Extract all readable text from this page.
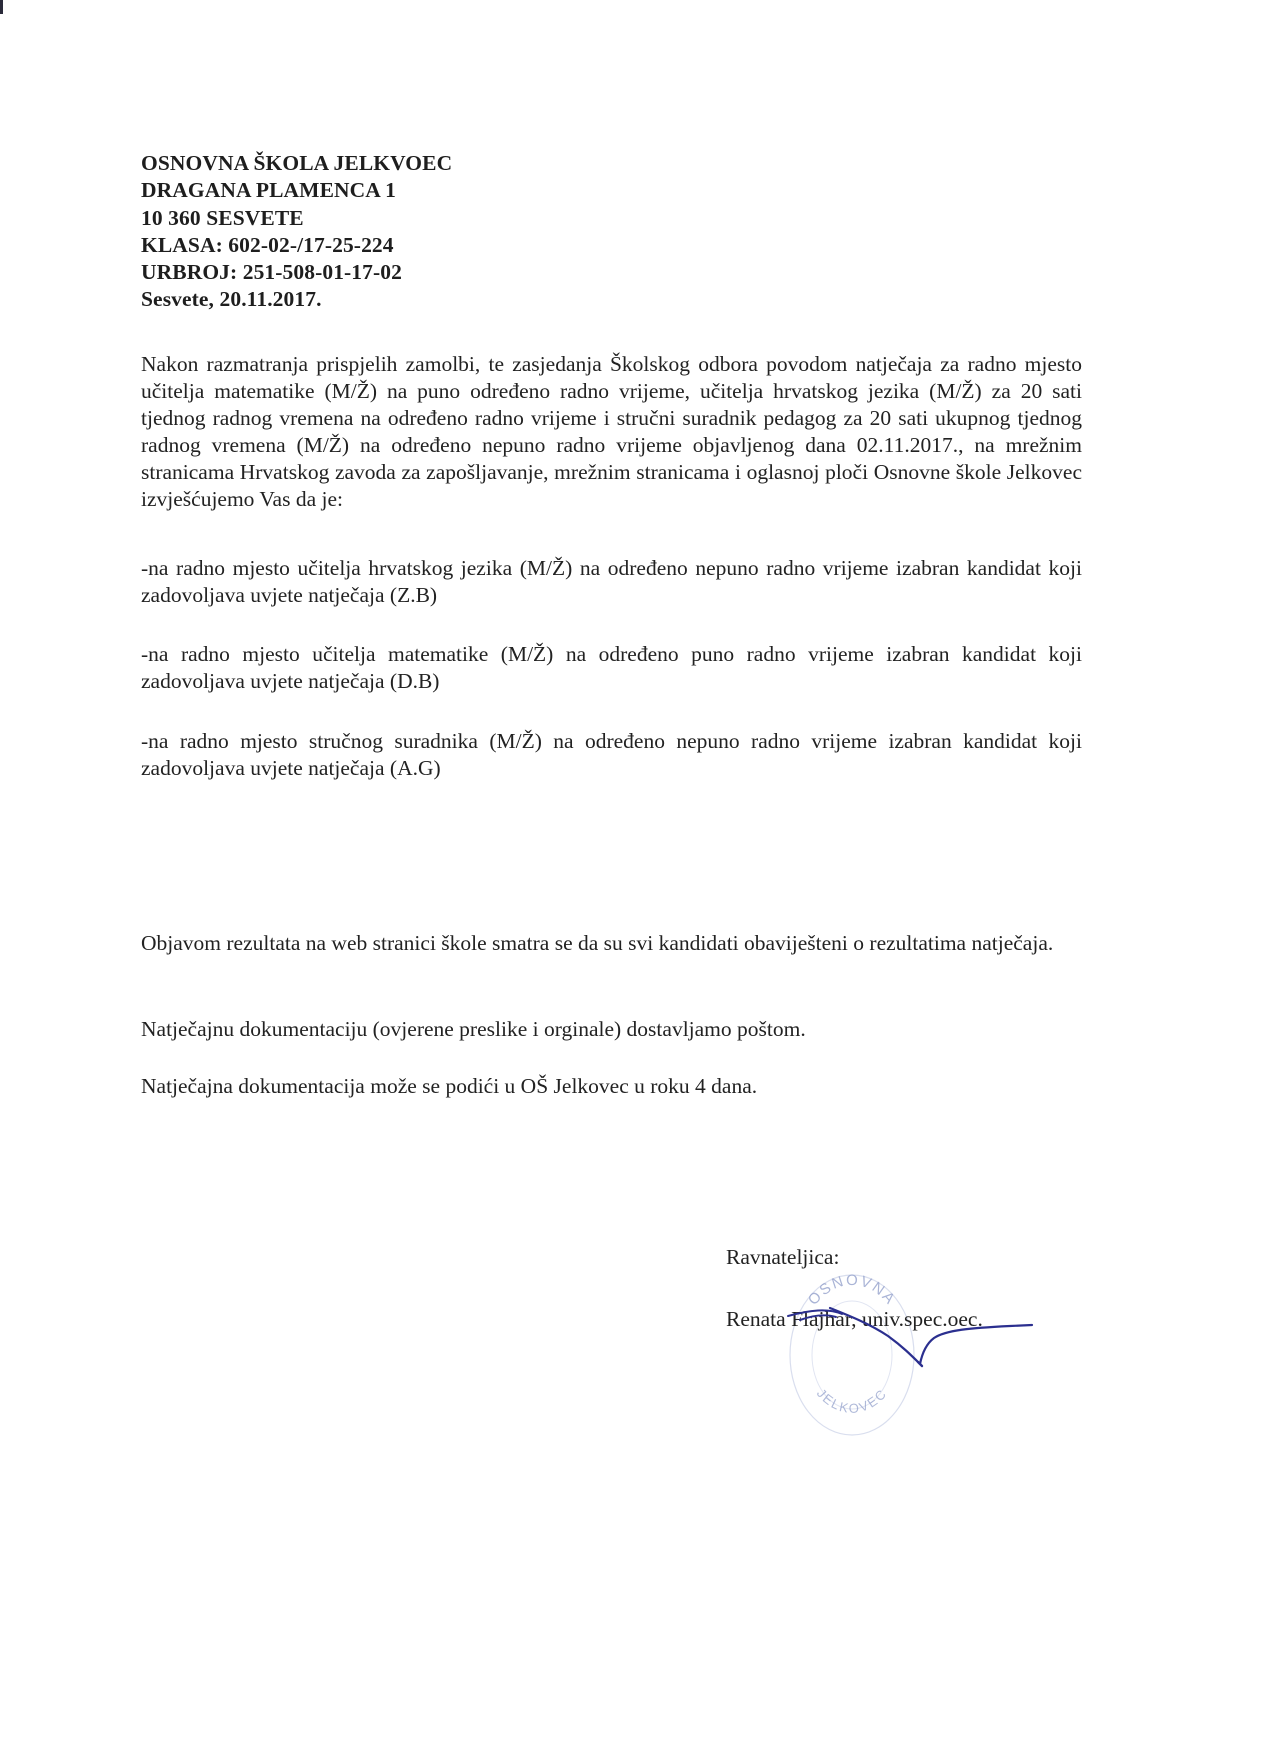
OSNOVNA ŠKOLA JELKVOEC
DRAGANA PLAMENCA 1
10 360 SESVETE
KLASA: 602-02-/17-25-224
URBROJ: 251-508-01-17-02
Sesvete, 20.11.2017.
Nakon razmatranja prispjelih zamolbi, te zasjedanja Školskog odbora povodom natječaja za radno mjesto učitelja matematike (M/Ž) na puno određeno radno vrijeme, učitelja hrvatskog jezika (M/Ž) za 20 sati tjednog radnog vremena na određeno radno vrijeme i stručni suradnik pedagog za 20 sati ukupnog tjednog radnog vremena (M/Ž) na određeno nepuno radno vrijeme objavljenog dana 02.11.2017., na mrežnim stranicama Hrvatskog zavoda za zapošljavanje, mrežnim stranicama i oglasnoj ploči Osnovne škole Jelkovec izvješćujemo Vas da je:
-na radno mjesto učitelja hrvatskog jezika (M/Ž) na određeno nepuno radno vrijeme izabran kandidat koji zadovoljava uvjete natječaja (Z.B)
-na radno mjesto učitelja matematike (M/Ž) na određeno puno radno vrijeme izabran kandidat koji zadovoljava uvjete natječaja (D.B)
-na radno mjesto stručnog suradnika (M/Ž) na određeno nepuno radno vrijeme izabran kandidat koji zadovoljava uvjete natječaja (A.G)
Objavom rezultata na web stranici škole smatra se da su svi kandidati obaviješteni o rezultatima natječaja.
Natječajnu dokumentaciju (ovjerene preslike i orginale) dostavljamo poštom.
Natječajna dokumentacija može se podići u OŠ Jelkovec u roku 4 dana.
OSNOVNA
JELKOVEC
Ravnateljica:
Renata Flajhar, univ.spec.oec.
